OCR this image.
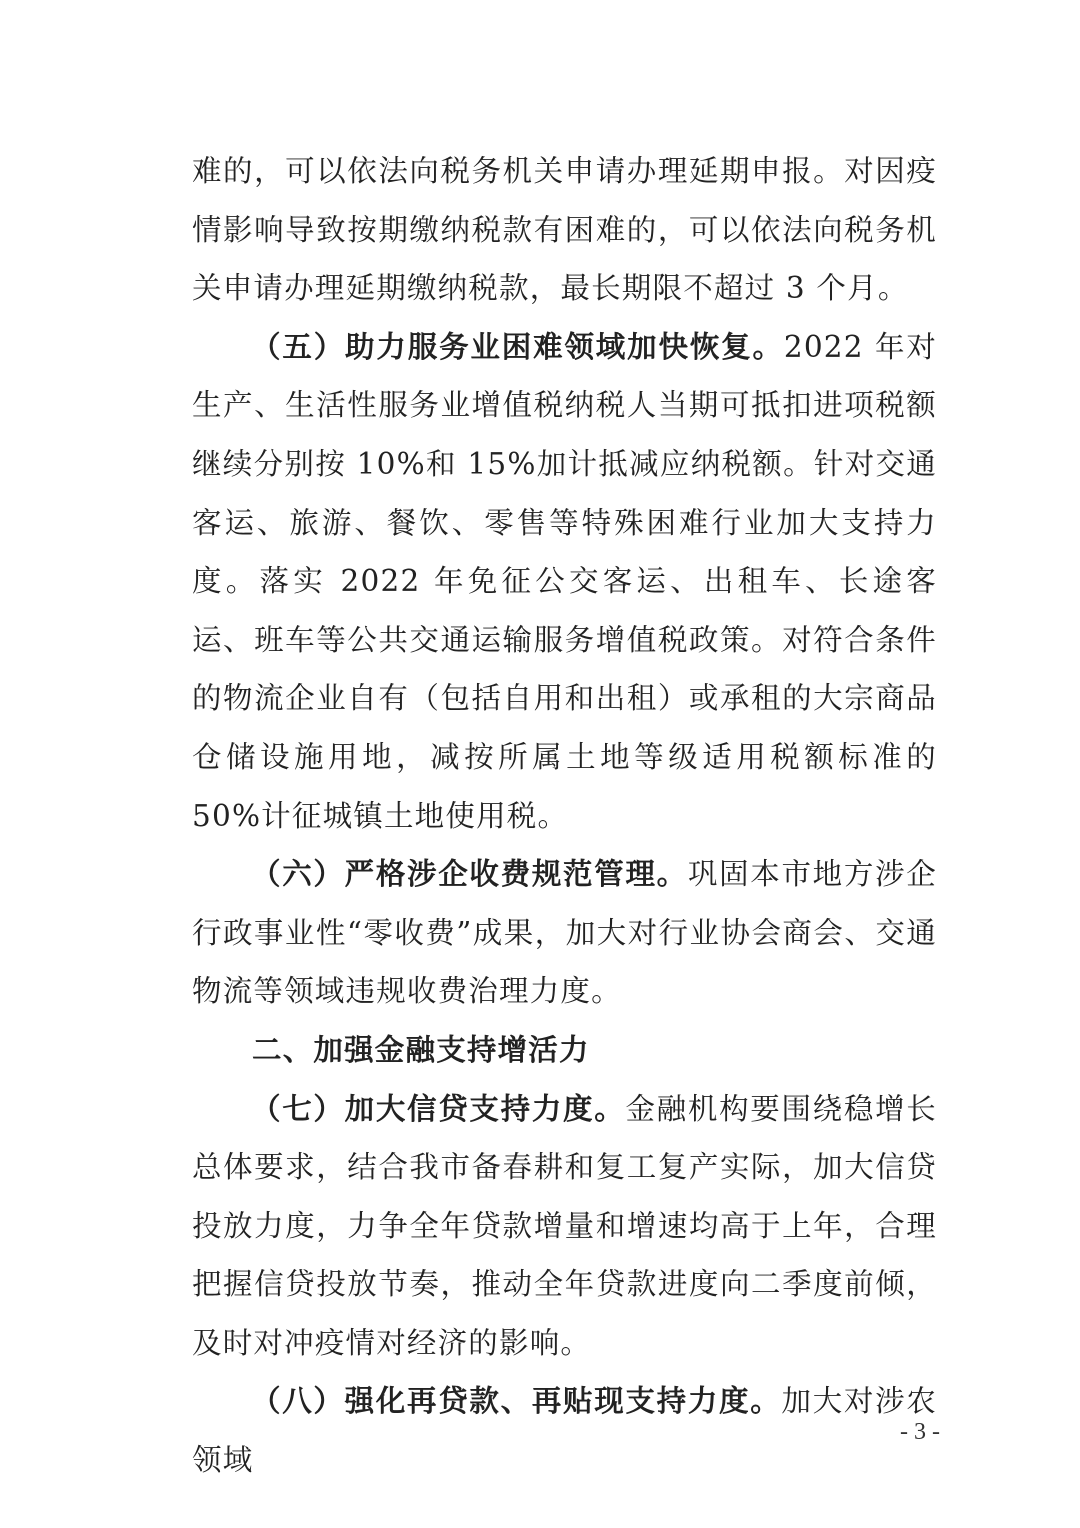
难的，可以依法向税务机关申请办理延期申报。对因疫情影响导致按期缴纳税款有困难的，可以依法向税务机关申请办理延期缴纳税款，最长期限不超过 3 个月。

（五）助力服务业困难领域加快恢复。2022 年对生产、生活性服务业增值税纳税人当期可抵扣进项税额继续分别按 10%和 15%加计抵减应纳税额。针对交通客运、旅游、餐饮、零售等特殊困难行业加大支持力度。落实 2022 年免征公交客运、出租车、长途客运、班车等公共交通运输服务增值税政策。对符合条件的物流企业自有（包括自用和出租）或承租的大宗商品仓储设施用地，减按所属土地等级适用税额标准的 50%计征城镇土地使用税。

（六）严格涉企收费规范管理。巩固本市地方涉企行政事业性“零收费”成果，加大对行业协会商会、交通物流等领域违规收费治理力度。

二、加强金融支持增活力

（七）加大信贷支持力度。金融机构要围绕稳增长总体要求，结合我市备春耕和复工复产实际，加大信贷投放力度，力争全年贷款增量和增速均高于上年，合理把握信贷投放节奏，推动全年贷款进度向二季度前倾，及时对冲疫情对经济的影响。

（八）强化再贷款、再贴现支持力度。加大对涉农领域

- 3 -
